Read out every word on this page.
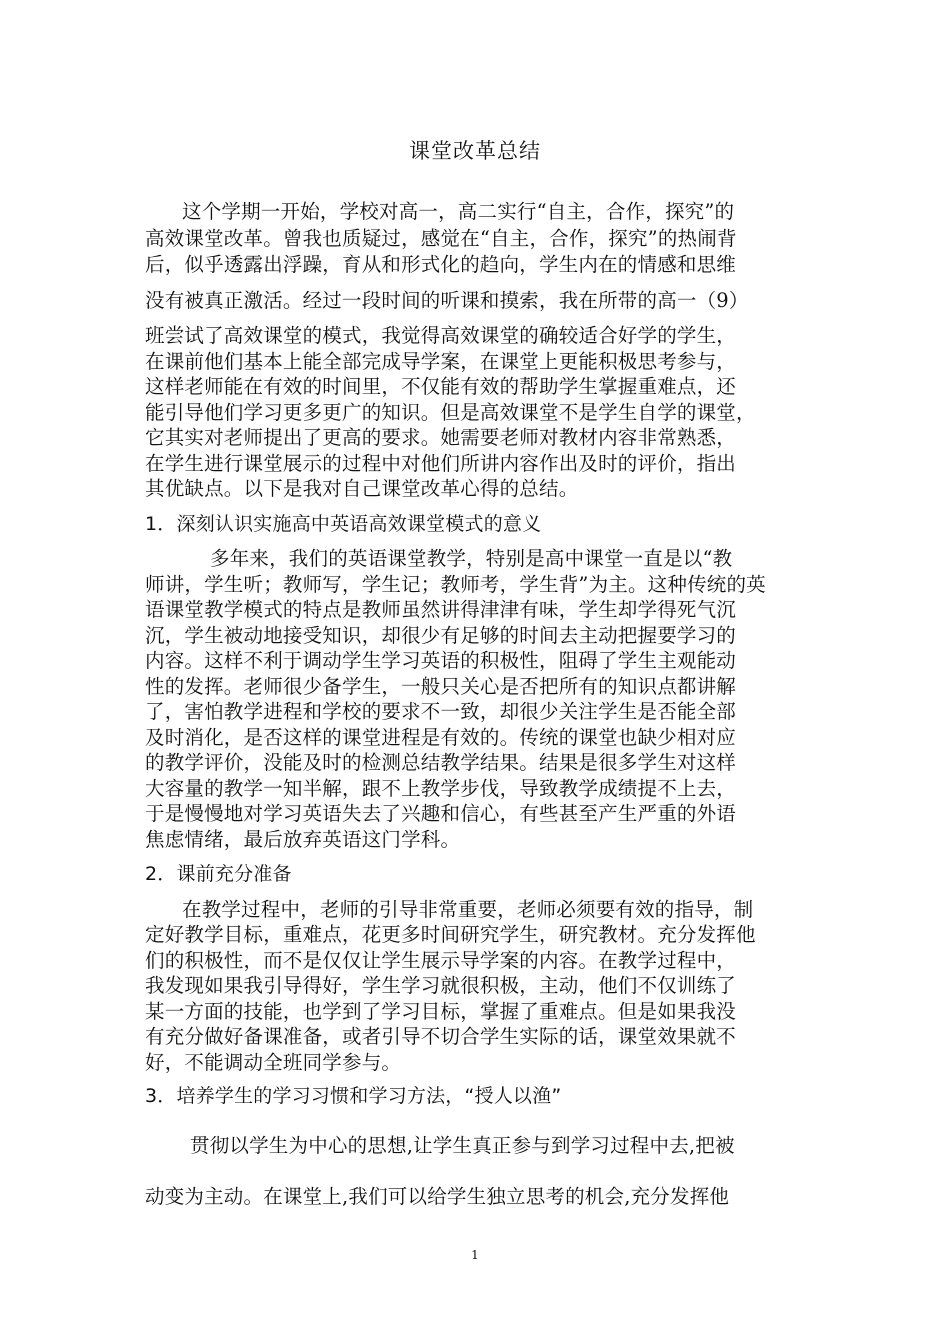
课堂改革总结
这个学期一开始，学校对高一，高二实行“自主，合作，探究”的
高效课堂改革。曾我也质疑过，感觉在“自主，合作，探究”的热闹背
后，似乎透露出浮躁，育从和形式化的趋向，学生内在的情感和思维
没有被真正激活。经过一段时间的听课和摸索，我在所带的高一（9）
班尝试了高效课堂的模式，我觉得高效课堂的确较适合好学的学生，
在课前他们基本上能全部完成导学案，在课堂上更能积极思考参与，
这样老师能在有效的时间里，不仅能有效的帮助学生掌握重难点，还
能引导他们学习更多更广的知识。但是高效课堂不是学生自学的课堂，
它其实对老师提出了更高的要求。她需要老师对教材内容非常熟悉，
在学生进行课堂展示的过程中对他们所讲内容作出及时的评价，指出
其优缺点。以下是我对自己课堂改革心得的总结。
1．深刻认识实施高中英语高效课堂模式的意义
多年来，我们的英语课堂教学，特别是高中课堂一直是以“教
师讲，学生听；教师写，学生记；教师考，学生背”为主。这种传统的英
语课堂教学模式的特点是教师虽然讲得津津有味，学生却学得死气沉
沉，学生被动地接受知识，却很少有足够的时间去主动把握要学习的
内容。这样不利于调动学生学习英语的积极性，阻碍了学生主观能动
性的发挥。老师很少备学生，一般只关心是否把所有的知识点都讲解
了，害怕教学进程和学校的要求不一致，却很少关注学生是否能全部
及时消化，是否这样的课堂进程是有效的。传统的课堂也缺少相对应
的教学评价，没能及时的检测总结教学结果。结果是很多学生对这样
大容量的教学一知半解，跟不上教学步伐，导致教学成绩提不上去，
于是慢慢地对学习英语失去了兴趣和信心，有些甚至产生严重的外语
焦虑情绪，最后放弃英语这门学科。
2．课前充分准备
在教学过程中，老师的引导非常重要，老师必须要有效的指导，制
定好教学目标，重难点，花更多时间研究学生，研究教材。充分发挥他
们的积极性，而不是仅仅让学生展示导学案的内容。在教学过程中，
我发现如果我引导得好，学生学习就很积极，主动，他们不仅训练了
某一方面的技能，也学到了学习目标，掌握了重难点。但是如果我没
有充分做好备课准备，或者引导不切合学生实际的话，课堂效果就不
好，不能调动全班同学参与。
3．培养学生的学习习惯和学习方法，“授人以渔”
贯彻以学生为中心的思想,让学生真正参与到学习过程中去,把被
动变为主动。在课堂上,我们可以给学生独立思考的机会,充分发挥他
1
